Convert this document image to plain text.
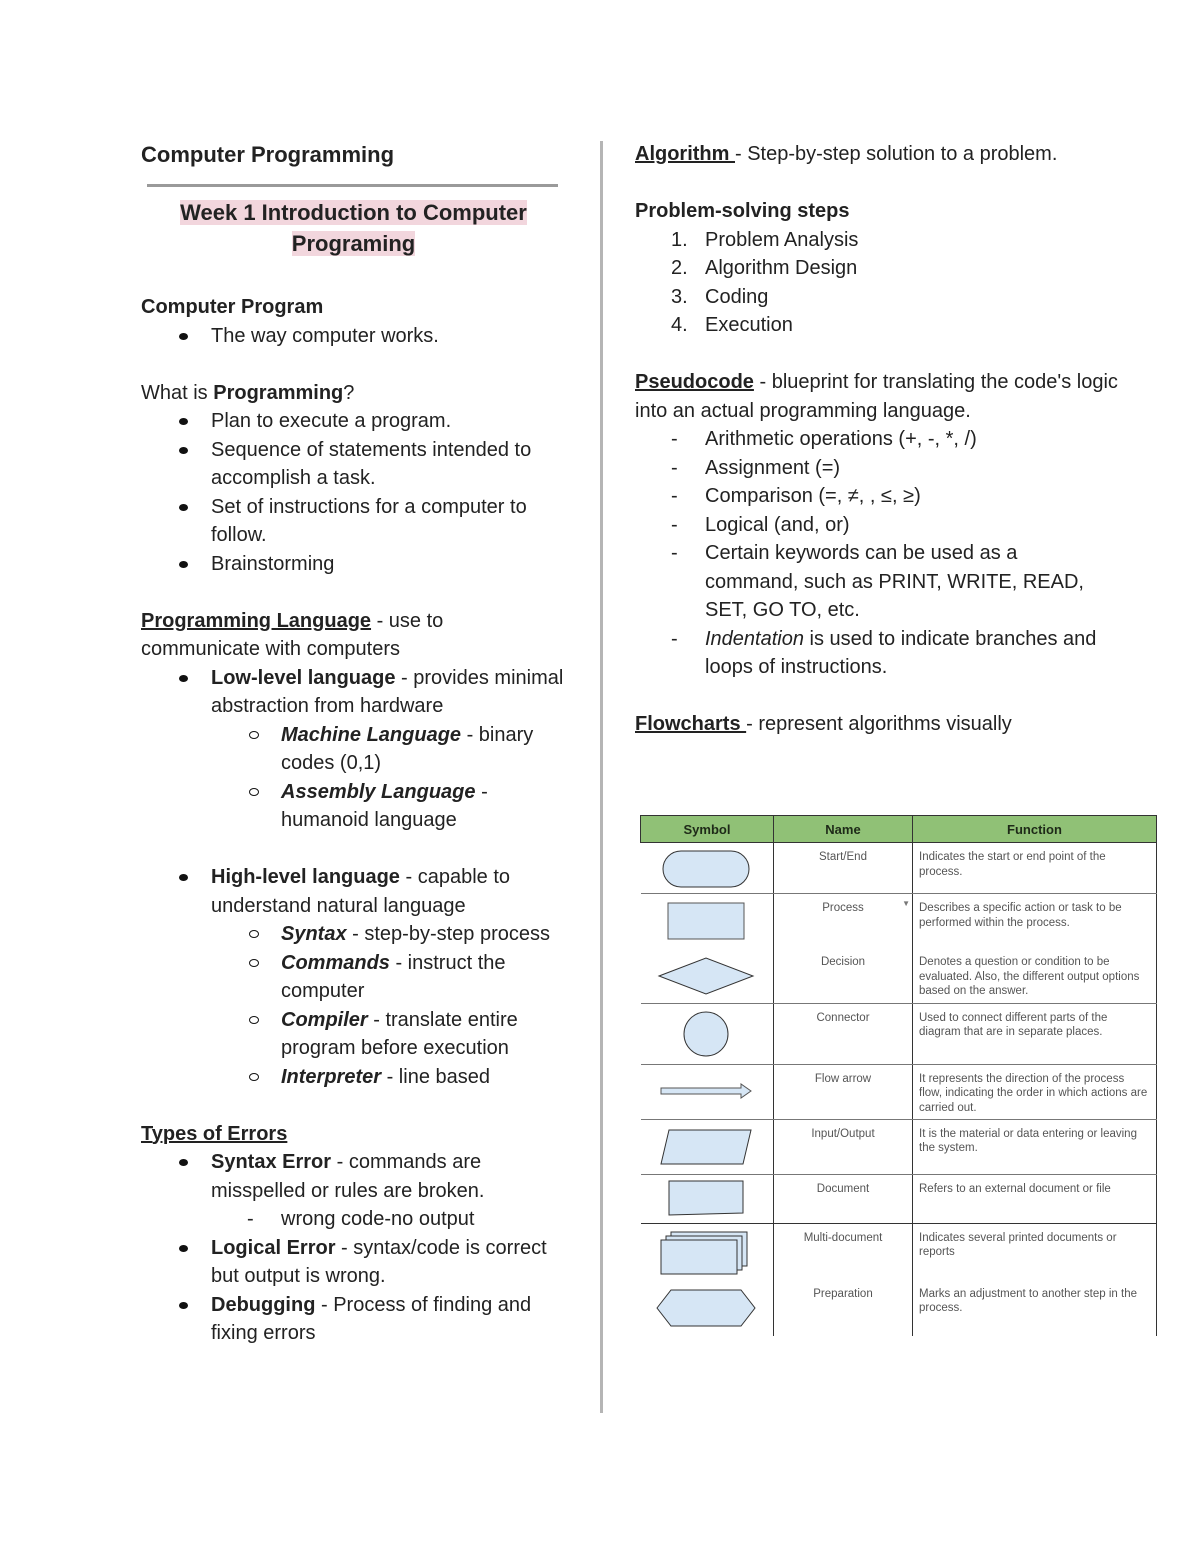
Computer Programming
Week 1 Introduction to Computer Programing
Computer Program
The way computer works.
What is Programming?
Plan to execute a program.
Sequence of statements intended to accomplish a task.
Set of instructions for a computer to follow.
Brainstorming
Programming Language - use to communicate with computers
Low-level language - provides minimal abstraction from hardware
Machine Language - binary codes (0,1)
Assembly Language - humanoid language
High-level language - capable to understand natural language
Syntax - step-by-step process
Commands - instruct the computer
Compiler - translate entire program before execution
Interpreter - line based
Types of Errors
Syntax Error - commands are misspelled or rules are broken.
- wrong code-no output
Logical Error - syntax/code is correct but output is wrong.
Debugging - Process of finding and fixing errors
Algorithm - Step-by-step solution to a problem.
Problem-solving steps
1. Problem Analysis
2. Algorithm Design
3. Coding
4. Execution
Pseudocode - blueprint for translating the code's logic into an actual programming language.
- Arithmetic operations (+, -, *, /)
- Assignment (=)
- Comparison (=, ≠, , ≤, ≥)
- Logical (and, or)
- Certain keywords can be used as a command, such as PRINT, WRITE, READ, SET, GO TO, etc.
- Indentation is used to indicate branches and loops of instructions.
Flowcharts - represent algorithms visually
Symbol	Name	Function

	Start/End	Indicates the start or end point of the process.

	Process ▼	Describes a specific action or task to be performed within the process.

	Decision	Denotes a question or condition to be evaluated. Also, the different output options based on the answer.

	Connector	Used to connect different parts of the diagram that are in separate places.

	Flow arrow	It represents the direction of the process flow, indicating the order in which actions are carried out.

	Input/Output	It is the material or data entering or leaving the system.

	Document	Refers to an external document or file

	Multi-document	Indicates several printed documents or reports

	Preparation	Marks an adjustment to another step in the process.
